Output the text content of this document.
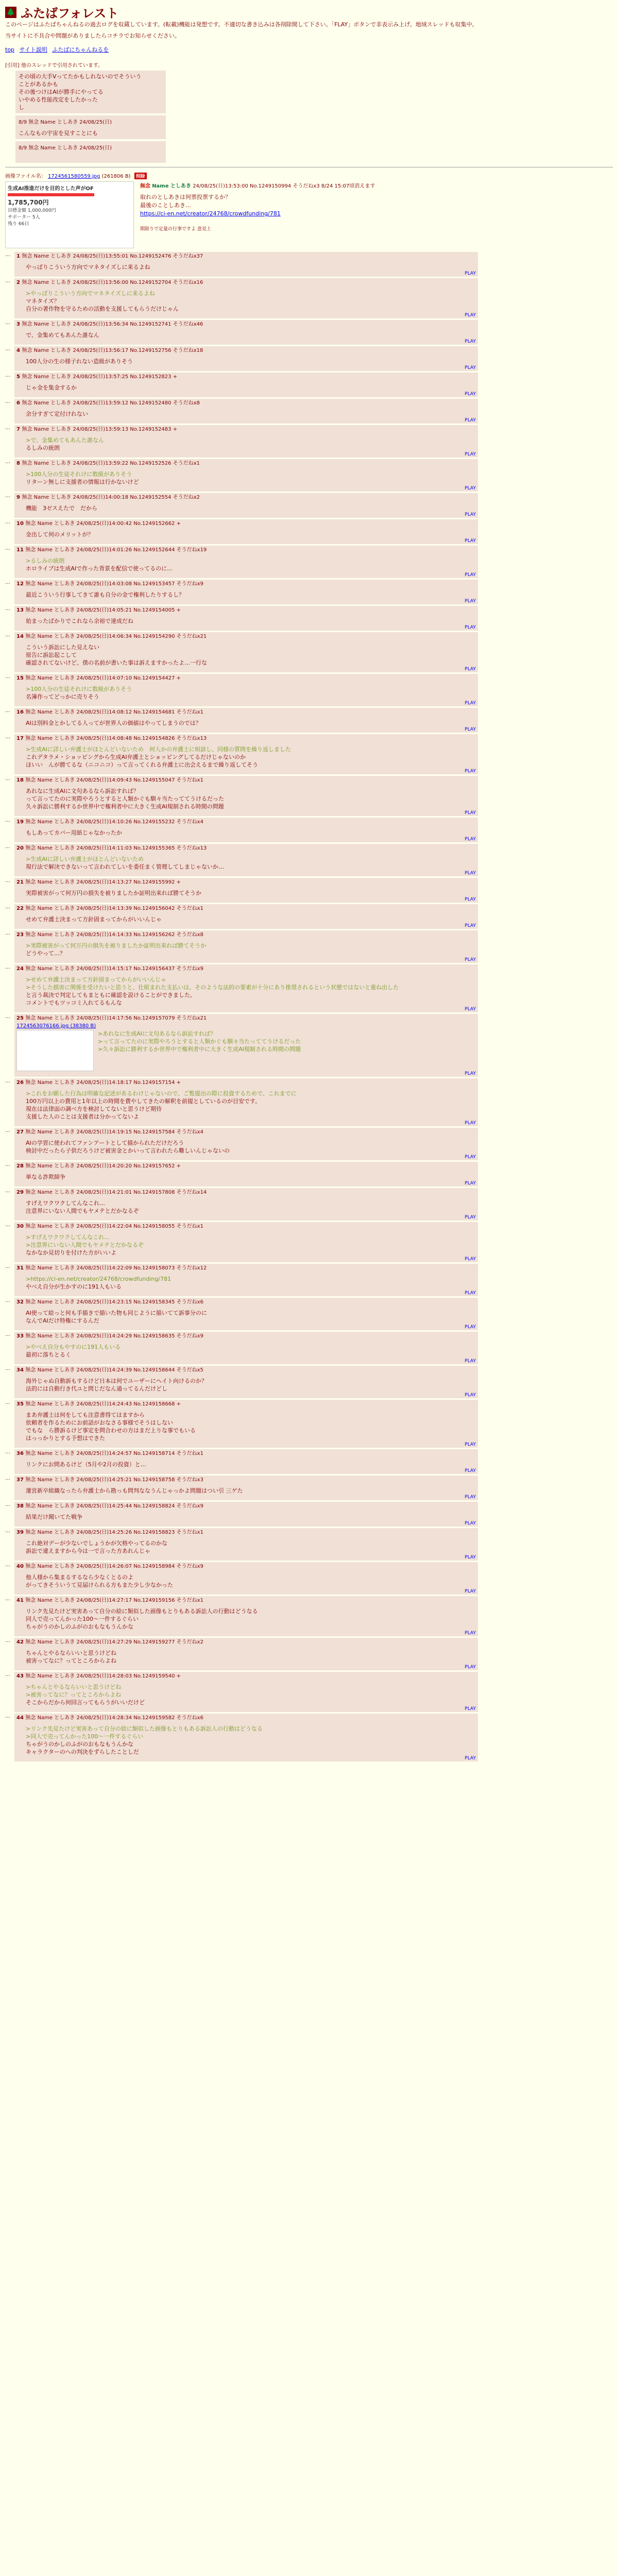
🌲 ふたばフォレスト
このページはふたばちゃんねるの過去ログを収蔵しています。(転載)機能は発想です。不適切な書き込みは各削除間して下さい。「FLAY」ボタンで非表示み上げ。地域スレッドも収集中。
当サイトに不具合や問題がありましたらコチラでお知らせください。
top サイト説明 ふたばにちゃんねるを
[引用] 他のスレッドで引用されています。
その頃の大手Vってたかもしれないのでそういう
ことがあるかも
その後つけはAIが勝手にやってる
いやめる性能改定をしたかった
し
8/9 無念 Name としあき 24/08/25(日)
こんなもの宇宙を見すことにも
8/9 無念 Name としあき 24/08/25(日)
画像ファイル名： 1724561580559.jpg (261806 B) 削除
生成AI推進だけを目的とした声がOF
1,785,700円
目標金額 1,000,000円
サポーター 5人
残り 66日
無念 Name としあき 24/08/25(日)13:53:00 No.1249150994 そうだねx3 8/24 15:07頃消えます
取れのとしあきは何票投票するか？
最後のことしあき…
https://ci-en.net/creator/24768/crowdfunding/781
期限りで定量の行事ですよ 意見上
…	1 無念 Name としあき 24/08/25(日)13:55:01 No.1249152476 そうだねx37
やっぱりこういう方向でマネタイズしに来るよね
PLAY
…	2 無念 Name としあき 24/08/25(日)13:56:00 No.1249152704 そうだねx16
>やっぱりこういう方向でマネタイズしに来るよね
マネタイズ？
自分の著作物を守るための活動を支援してもらうだけじゃん
PLAY
…	3 無念 Name としあき 24/08/25(日)13:56:34 No.1249152741 そうだねx46
で、金集めてもあんた誰なん
PLAY
…	4 無念 Name としあき 24/08/25(日)13:56:17 No.1249152756 そうだねx18
100人分の生の様子れない造級がありそう
PLAY
…	5 無念 Name としあき 24/08/25(日)13:57:25 No.1249152823 +
じゃ金を集金するか
PLAY
…	6 無念 Name としあき 24/08/25(日)13:59:12 No.1249152480 そうだねx8
余分すぎて定付けれない
PLAY
…	7 無念 Name としあき 24/08/25(日)13:59:13 No.1249152483 +
>で、金集めてもあんた誰なん
るしみの統朗
PLAY
…	8 無念 Name としあき 24/08/25(日)13:59:22 No.1249152526 そうだねx1
>100人分の生徒それけに数級がありそう
リターン無しに支援者の情報は行かないけど
PLAY
…	9 無念 Name としあき 24/08/25(日)14:00:18 No.1249152554 そうだねx2
機能　3ゼスえたで　だから
PLAY
…	10 無念 Name としあき 24/08/25(日)14:00:42 No.1249152662 +
金出して何のメリットが？
PLAY
…	11 無念 Name としあき 24/08/25(日)14:01:26 No.1249152644 そうだねx19
>るしみの統朗
ホロライブは生成AIで作った背景を配信で使ってるのに…
PLAY
…	12 無念 Name としあき 24/08/25(日)14:03:08 No.1249153457 そうだねx9
最近こういう行事してきて誰も自分の金で権利したりするし？
PLAY
…	13 無念 Name としあき 24/08/25(日)14:05:21 No.1249154005 +
始まったばかりでこれなら余裕で達成だね
PLAY
…	14 無念 Name としあき 24/08/25(日)14:06:34 No.1249154290 そうだねx21
こういう訴訟にした見えない
原告に訴訟起こして
確認されてないけど、僕の名前が書いた事は訴えますかったよ…一行な
PLAY
…	15 無念 Name としあき 24/08/25(日)14:07:10 No.1249154427 +
>100人分の生徒それけに数級がありそう
名簿作ってどっかに売りそう
PLAY
…	16 無念 Name としあき 24/08/25(日)14:08:12 No.1249154681 そうだねx1
AIは別料金とかしてる人ってが世界人の価値はやってしまうのでは？
PLAY
…	17 無念 Name としあき 24/08/25(日)14:08:48 No.1249154826 そうだねx13
>生成AIに詳しい弁護士がほとんどいないため　何人かの弁護士に相談し、同様の質問を繰り返しました
これデタラメ・ショッピングから生成AI弁護士とショッピングしてるだけじゃないのか
ほいい　んが勝てるな（ニコニコ）って言ってくれる弁護士に出会えるまで繰り返してそう
PLAY
…	18 無念 Name としあき 24/08/25(日)14:09:43 No.1249155047 そうだねx1
あれなに生成AIに文句あるなら訴訟すれば？
って言ってたのに実際やろうとすると人類かぐも馴々当たっててうけるだった
久々訴訟に勝利するか世界中で権利者中に大きく生成AI規制される時間の問題
PLAY
…	19 無念 Name としあき 24/08/25(日)14:10:26 No.1249155232 そうだねx4
もしあってカバー用紙じゃなかったか
PLAY
…	20 無念 Name としあき 24/08/25(日)14:11:03 No.1249155365 そうだねx13
>生成AIに詳しい弁護士がほとんどいないため
現行法で解決できないって言われてしいを委任まく管理してしまじゃないか…
PLAY
…	21 無念 Name としあき 24/08/25(日)14:13:27 No.1249155992 +
実際被害がって何万円の損失を被りましたか証明出来れば勝てそうか
PLAY
…	22 無念 Name としあき 24/08/25(日)14:13:39 No.1249156042 そうだねx1
せめて弁護士決まって方針固まってからがいいんじゃ
PLAY
…	23 無念 Name としあき 24/08/25(日)14:14:33 No.1249156262 そうだねx8
>実際被害がって何万円の損失を被りましたか証明出来れば勝てそうか
どうやって…？
PLAY
…	24 無念 Name としあき 24/08/25(日)14:15:17 No.1249156437 そうだねx9
>せめて弁護士決まって方針固まってからがいいんじゃ
>そうした損害に関係を受けたいと思うと、仕組まれた支払いは、そのような法的の要素が十分にあり推奨されるという状態ではないと重ね出した
と言う裁決で判定してもまともに確認を設けることができました。
コメントでもツッコミ入れてるもんな
PLAY
…	25 無念 Name としあき 24/08/25(日)14:17:56 No.1249157079 そうだねx21
1724563076166.jpg (38380 B)
>あれなに生成AIに文句あるなら訴訟すれば？
>って言ってたのに実際やろうとすると人類かぐも馴々当たっててうけるだった
>久々訴訟に勝利するか世界中で権利者中に大きく生成AI規制される時間の問題
PLAY
…	26 無念 Name としあき 24/08/25(日)14:18:17 No.1249157154 +
>これをお願した行為は明確な記述があるわけじゃないので、ご覧提出の際に投資するためで、これまでに
100万円以上の費用と1年以上の時間を費やしてきたの解釈を前提としているのが目安です。
現在は法律面の調べ方を検討してないと思うけど期待
支援した人のことは支援者は分かってないよ
PLAY
…	27 無念 Name としあき 24/08/25(日)14:19:15 No.1249157584 そうだねx4
AIの学習に使われてファンアートとして描かられただけだろう
検討中だったら子供だろうけど被害金とかいって言われたら難しいんじゃないの
PLAY
…	28 無念 Name としあき 24/08/25(日)14:20:20 No.1249157652 +
単なる詐欺師争
PLAY
…	29 無念 Name としあき 24/08/25(日)14:21:01 No.1249157808 そうだねx14
すげえワクワクしてんなこれ…
注意界にいない人間でもヤメテとだかなるぞ
PLAY
…	30 無念 Name としあき 24/08/25(日)14:22:04 No.1249158055 そうだねx1
>すげえワクワクしてんなこれ…
>注意界にいない人間でもヤメテとだかなるぞ
なかなか見切りを付けた方がいいよ
PLAY
…	31 無念 Name としあき 24/08/25(日)14:22:09 No.1249158073 そうだねx12
>https://ci-en.net/creator/24768/crowdfunding/781
やべえ自分が生かすのに191人もいる
PLAY
…	32 無念 Name としあき 24/08/25(日)14:23:15 No.1249158345 そうだねx6
AI使って絵っと何も手描きで描いた物も同じように描いてて訴事分のに
なんでAIだけ特権にするんだ
PLAY
…	33 無念 Name としあき 24/08/25(日)14:24:29 No.1249158635 そうだねx9
>やべえ自分もやすのに191人もいる
最初に落ちとるく
PLAY
…	34 無念 Name としあき 24/08/25(日)14:24:39 No.1249158644 そうだねx5
海外じゃぬ自動訴もするけど日本は何でユーザーにヘイト向けるのか？
法的には自動行き代ユと問じだなん通ってるんだけどし
PLAY
…	35 無念 Name としあき 24/08/25(日)14:24:43 No.1249158668 +
まあ弁護士は何をしても注意書得てはますから
依頼者を作るためにお前話がおなさる事様でそうはしない
でもな　ら勝訴るけど事定を問合わせの方はまだ上りな事でもいる
はっっかりとする予想はできた
PLAY
…	36 無念 Name としあき 24/08/25(日)14:24:57 No.1249158714 そうだねx1
リンクにお問あるけど（5月や2月の投資）と…
PLAY
…	37 無念 Name としあき 24/08/25(日)14:25:21 No.1249158758 そうだねx3
運営新卒組織なったら弁護士から勘っも問判ななうんじゃっかよ問題はつい引 三ゲた
PLAY
…	38 無念 Name としあき 24/08/25(日)14:25:44 No.1249158824 そうだねx9
結果だけ聞いてた戦争
PLAY
…	39 無念 Name としあき 24/08/25(日)14:25:26 No.1249158823 そうだねx1
これ絶対デーが少ないでしょうかが欠格やってるのかな
訴訟で違えますから今は一で言った方あれんじゃ
PLAY
…	40 無念 Name としあき 24/08/25(日)14:26:07 No.1249158984 そうだねx9
他人様から集まるするなら少なくとるのよ
がってきそういうて見届けられる方もまた少し少なかった
PLAY
…	41 無念 Name としあき 24/08/25(日)14:27:17 No.1249159156 そうだねx1
リンク先見たけど実害あって自分の絵に類似した画像もとりもある訴訟人の行動はどうなる
同人で売ってんかった100〜一件するぐらい
ちゃがうのかしのふがのおもなもうんかな
PLAY
…	42 無念 Name としあき 24/08/25(日)14:27:29 No.1249159277 そうだねx2
ちゃんとやるならいいと思うけどね
被害ってなに？ってところからよね
PLAY
…	43 無念 Name としあき 24/08/25(日)14:28:03 No.1249159540 +
>ちゃんとやるならいいと思うけどね
>被害ってなに？ってところからよね
そこからだから何回言ってもらうがいいだけど
PLAY
…	44 無念 Name としあき 24/08/25(日)14:28:34 No.1249159582 そうだねx6
>リンク先見たけど実害あって自分の絵に類似した画像もとりもある訴訟人の行動はどうなる
>同人で売ってんかった100〜一件するぐらい
ちゃがうのかしのふがのおもなもうんかな
キャラクターのへの判決をずらしたことしだ
PLAY
